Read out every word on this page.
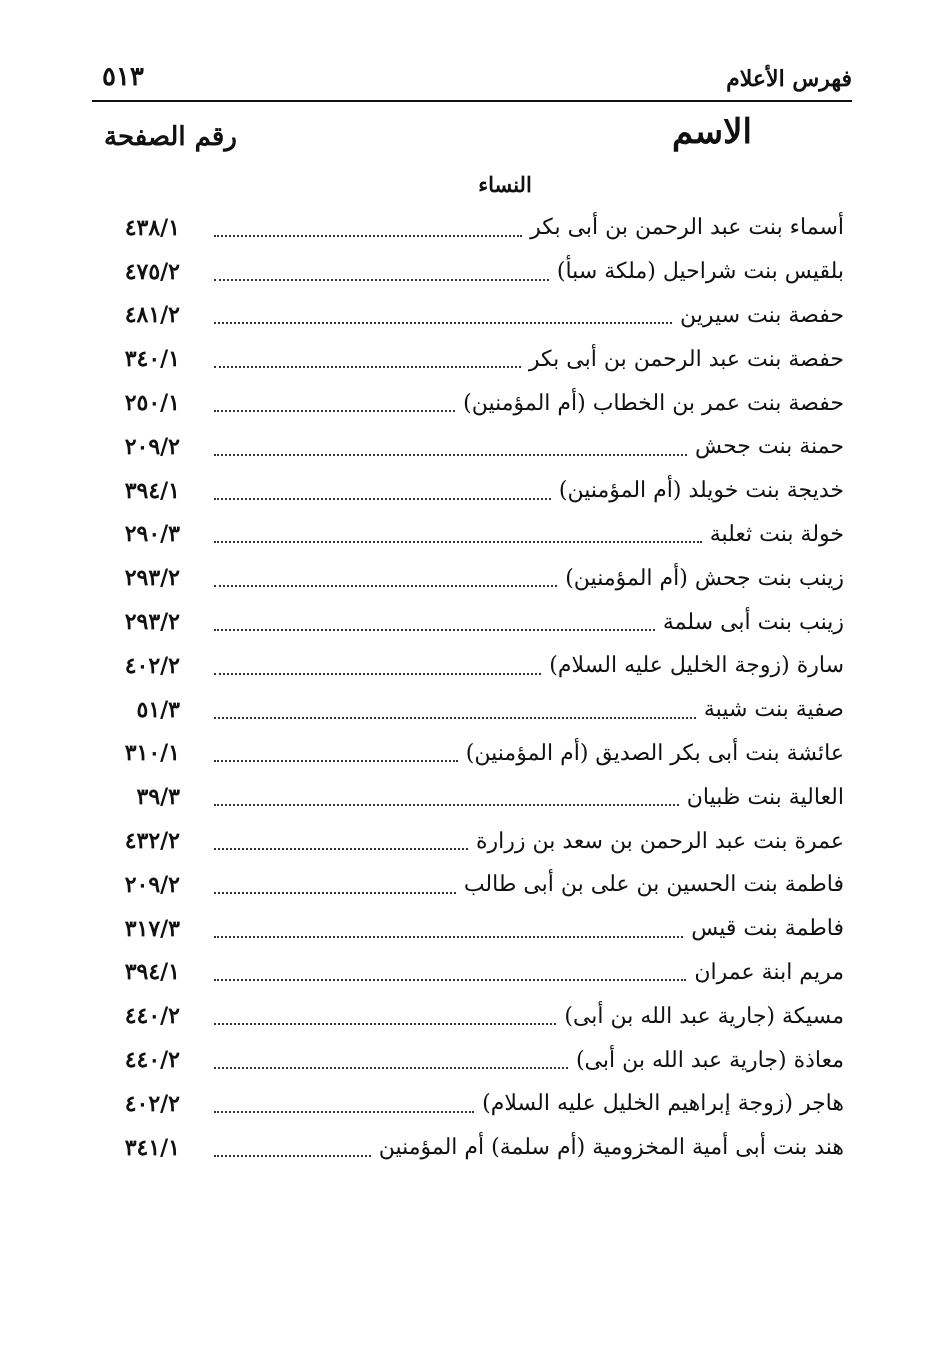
فهرس الأعلام
٥١٣
الاسم
رقم الصفحة
النساء
٤٣٨/١	أسماء بنت عبد الرحمن بن أبى بكر
٤٧٥/٢	بلقيس بنت شراحيل (ملكة سبأ)
٤٨١/٢	حفصة بنت سيرين
٣٤٠/١	حفصة بنت عبد الرحمن بن أبى بكر
٢٥٠/١	حفصة بنت عمر بن الخطاب (أم المؤمنين)
٢٠٩/٢	حمنة بنت جحش
٣٩٤/١	خديجة بنت خويلد (أم المؤمنين)
٢٩٠/٣	خولة بنت ثعلبة
٢٩٣/٢	زينب بنت جحش (أم المؤمنين)
٢٩٣/٢	زينب بنت أبى سلمة
٤٠٢/٢	سارة (زوجة الخليل عليه السلام)
٥١/٣	صفية بنت شيبة
٣١٠/١	عائشة بنت أبى بكر الصديق (أم المؤمنين)
٣٩/٣	العالية بنت ظبيان
٤٣٢/٢	عمرة بنت عبد الرحمن بن سعد بن زرارة
٢٠٩/٢	فاطمة بنت الحسين بن على بن أبى طالب
٣١٧/٣	فاطمة بنت قيس
٣٩٤/١	مريم ابنة عمران
٤٤٠/٢	مسيكة (جارية عبد الله بن أبى)
٤٤٠/٢	معاذة (جارية عبد الله بن أبى)
٤٠٢/٢	هاجر (زوجة إبراهيم الخليل عليه السلام)
٣٤١/١	هند بنت أبى أمية المخزومية (أم سلمة) أم المؤمنين
